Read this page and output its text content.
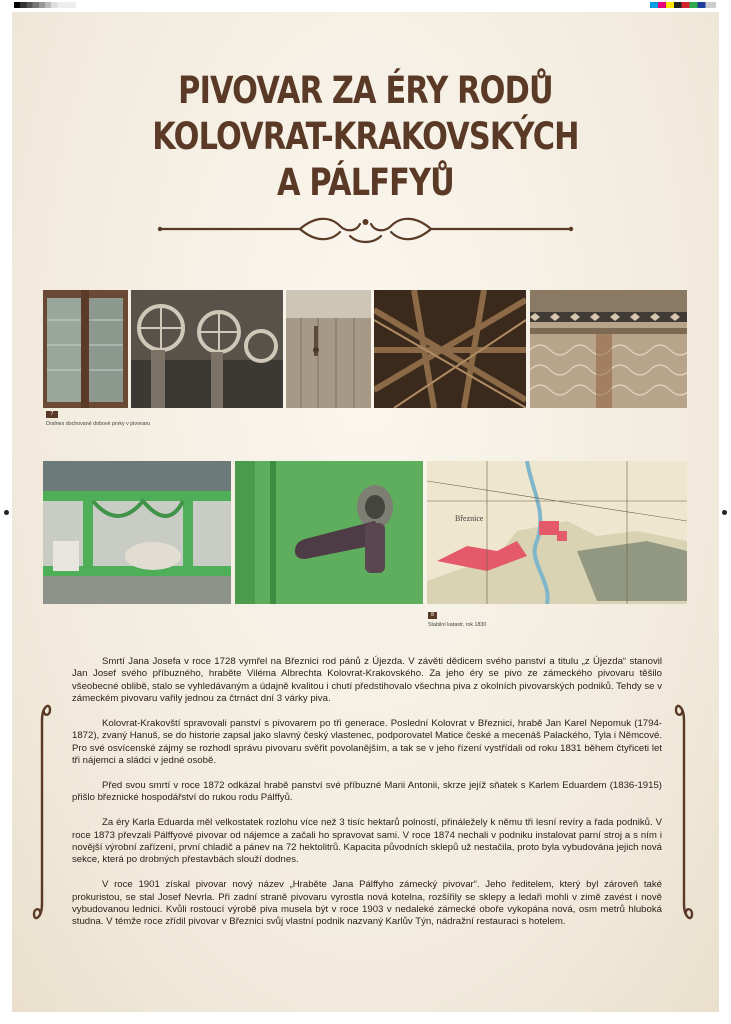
PIVOVAR ZA ÉRY RODŮ
KOLOVRAT-KRAKOVSKÝCH
A PÁLFFYŮ
7
Dodnes dochované dobové prvky v pivovaru
Březnice
8
Stabilní katastr, rok 1830

Smrtí Jana Josefa v roce 1728 vymřel na Březnici rod pánů z Újezda. V závěti dědicem svého panství a titulu „z Újezda“ stanovil Jan Josef svého příbuzného, hraběte Viléma Albrechta Kolovrat-Krakovského. Za jeho éry se pivo ze zámeckého pivovaru těšilo všeobecné oblibě, stalo se vyhledávaným a údajně kvalitou i chutí předstihovalo všechna piva z okolních pivovarských podniků. Tehdy se v zámeckém pivovaru vařily jednou za čtrnáct dní 3 várky piva.

Kolovrat-Krakovští spravovali panství s pivovarem po tři generace. Poslední Kolovrat v Březnici, hrabě Jan Karel Nepomuk (1794-1872), zvaný Hanuš, se do historie zapsal jako slavný český vlastenec, podporovatel Matice české a mecenáš Palackého, Tyla i Němcové. Pro své osvícenské zájmy se rozhodl správu pivovaru svěřit povolanějším, a tak se v jeho řízení vystřídali od roku 1831 během čtyřiceti let tři nájemci a sládci v jedné osobě.

Před svou smrtí v roce 1872 odkázal hrabě panství své příbuzné Marii Antonii, skrze jejíž sňatek s Karlem Eduardem (1836-1915) přišlo březnické hospodářství do rukou rodu Pálffyů.

Za éry Karla Eduarda měl velkostatek rozlohu více než 3 tisíc hektarů polností, přináležely k němu tři lesní revíry a řada podniků. V roce 1873 převzali Pálffyové pivovar od nájemce a začali ho spravovat sami. V roce 1874 nechali v podniku instalovat parní stroj a s ním i novější výrobní zařízení, první chladič a pánev na 72 hektolitrů. Kapacita původních sklepů už nestačila, proto byla vybudována jejich nová sekce, která po drobných přestavbách slouží dodnes.

V roce 1901 získal pivovar nový název „Hraběte Jana Pálffyho zámecký pivovar“. Jeho ředitelem, který byl zároveň také prokuristou, se stal Josef Nevrla. Při zadní straně pivovaru vyrostla nová kotelna, rozšířily se sklepy a ledaři mohli v zimě zavést i nově vybudovanou lednici. Kvůli rostoucí výrobě piva musela být v roce 1903 v nedaleké zámecké oboře vykopána nová, osm metrů hluboká studna. V témže roce zřídil pivovar v Březnici svůj vlastní podnik nazvaný Karlův Týn, nádražní restauraci s hotelem.
